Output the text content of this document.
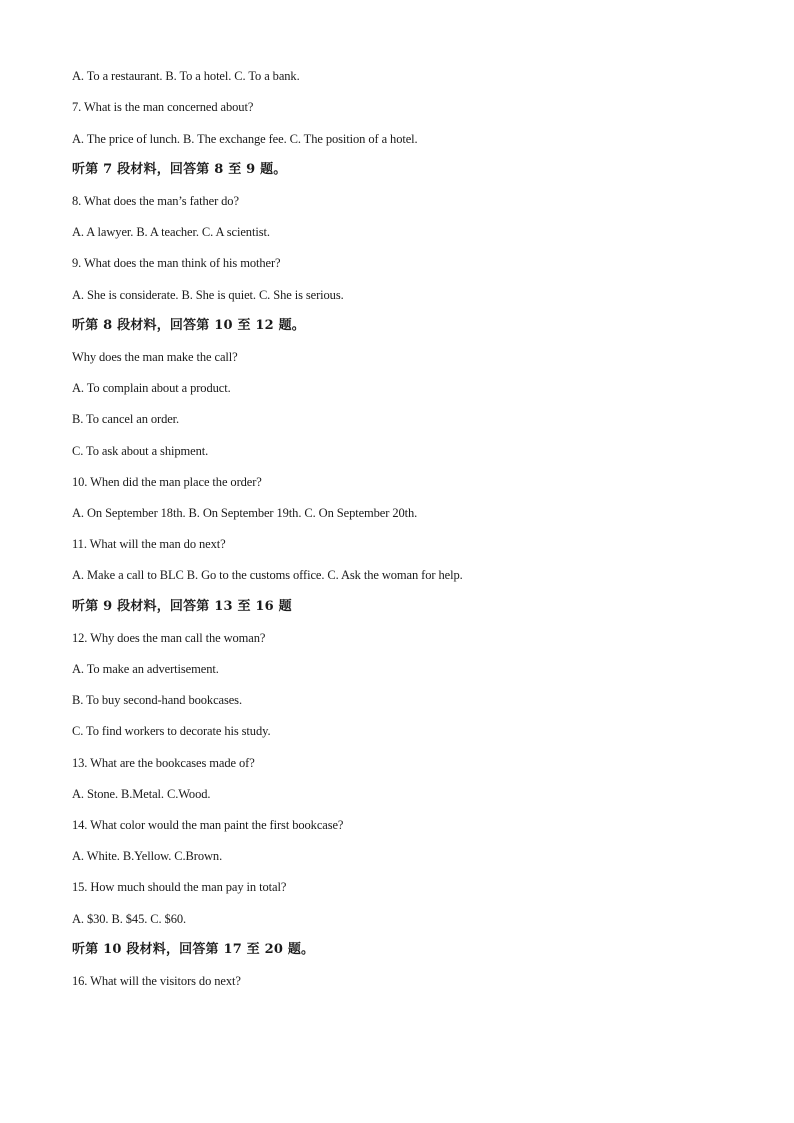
A. To a restaurant. B. To a hotel. C. To a bank.
7. What is the man concerned about?
A. The price of lunch. B. The exchange fee. C. The position of a hotel.
听第 7 段材料，回答第 8 至 9 题。
8. What does the man’s father do?
A. A lawyer. B. A teacher. C. A scientist.
9. What does the man think of his mother?
A. She is considerate. B. She is quiet. C. She is serious.
听第 8 段材料，回答第 10 至 12 题。
Why does the man make the call?
A. To complain about a product.
B. To cancel an order.
C. To ask about a shipment.
10. When did the man place the order?
A. On September 18th. B. On September 19th. C. On September 20th.
11. What will the man do next?
A. Make a call to BLC B. Go to the customs office. C. Ask the woman for help.
听第 9 段材料，回答第 13 至 16 题
12. Why does the man call the woman?
A. To make an advertisement.
B. To buy second-hand bookcases.
C. To find workers to decorate his study.
13. What are the bookcases made of?
A. Stone. B.Metal. C.Wood.
14. What color would the man paint the first bookcase?
A. White. B.Yellow. C.Brown.
15. How much should the man pay in total?
A. $30. B. $45. C. $60.
听第 10 段材料，回答第 17 至 20 题。
16. What will the visitors do next?
